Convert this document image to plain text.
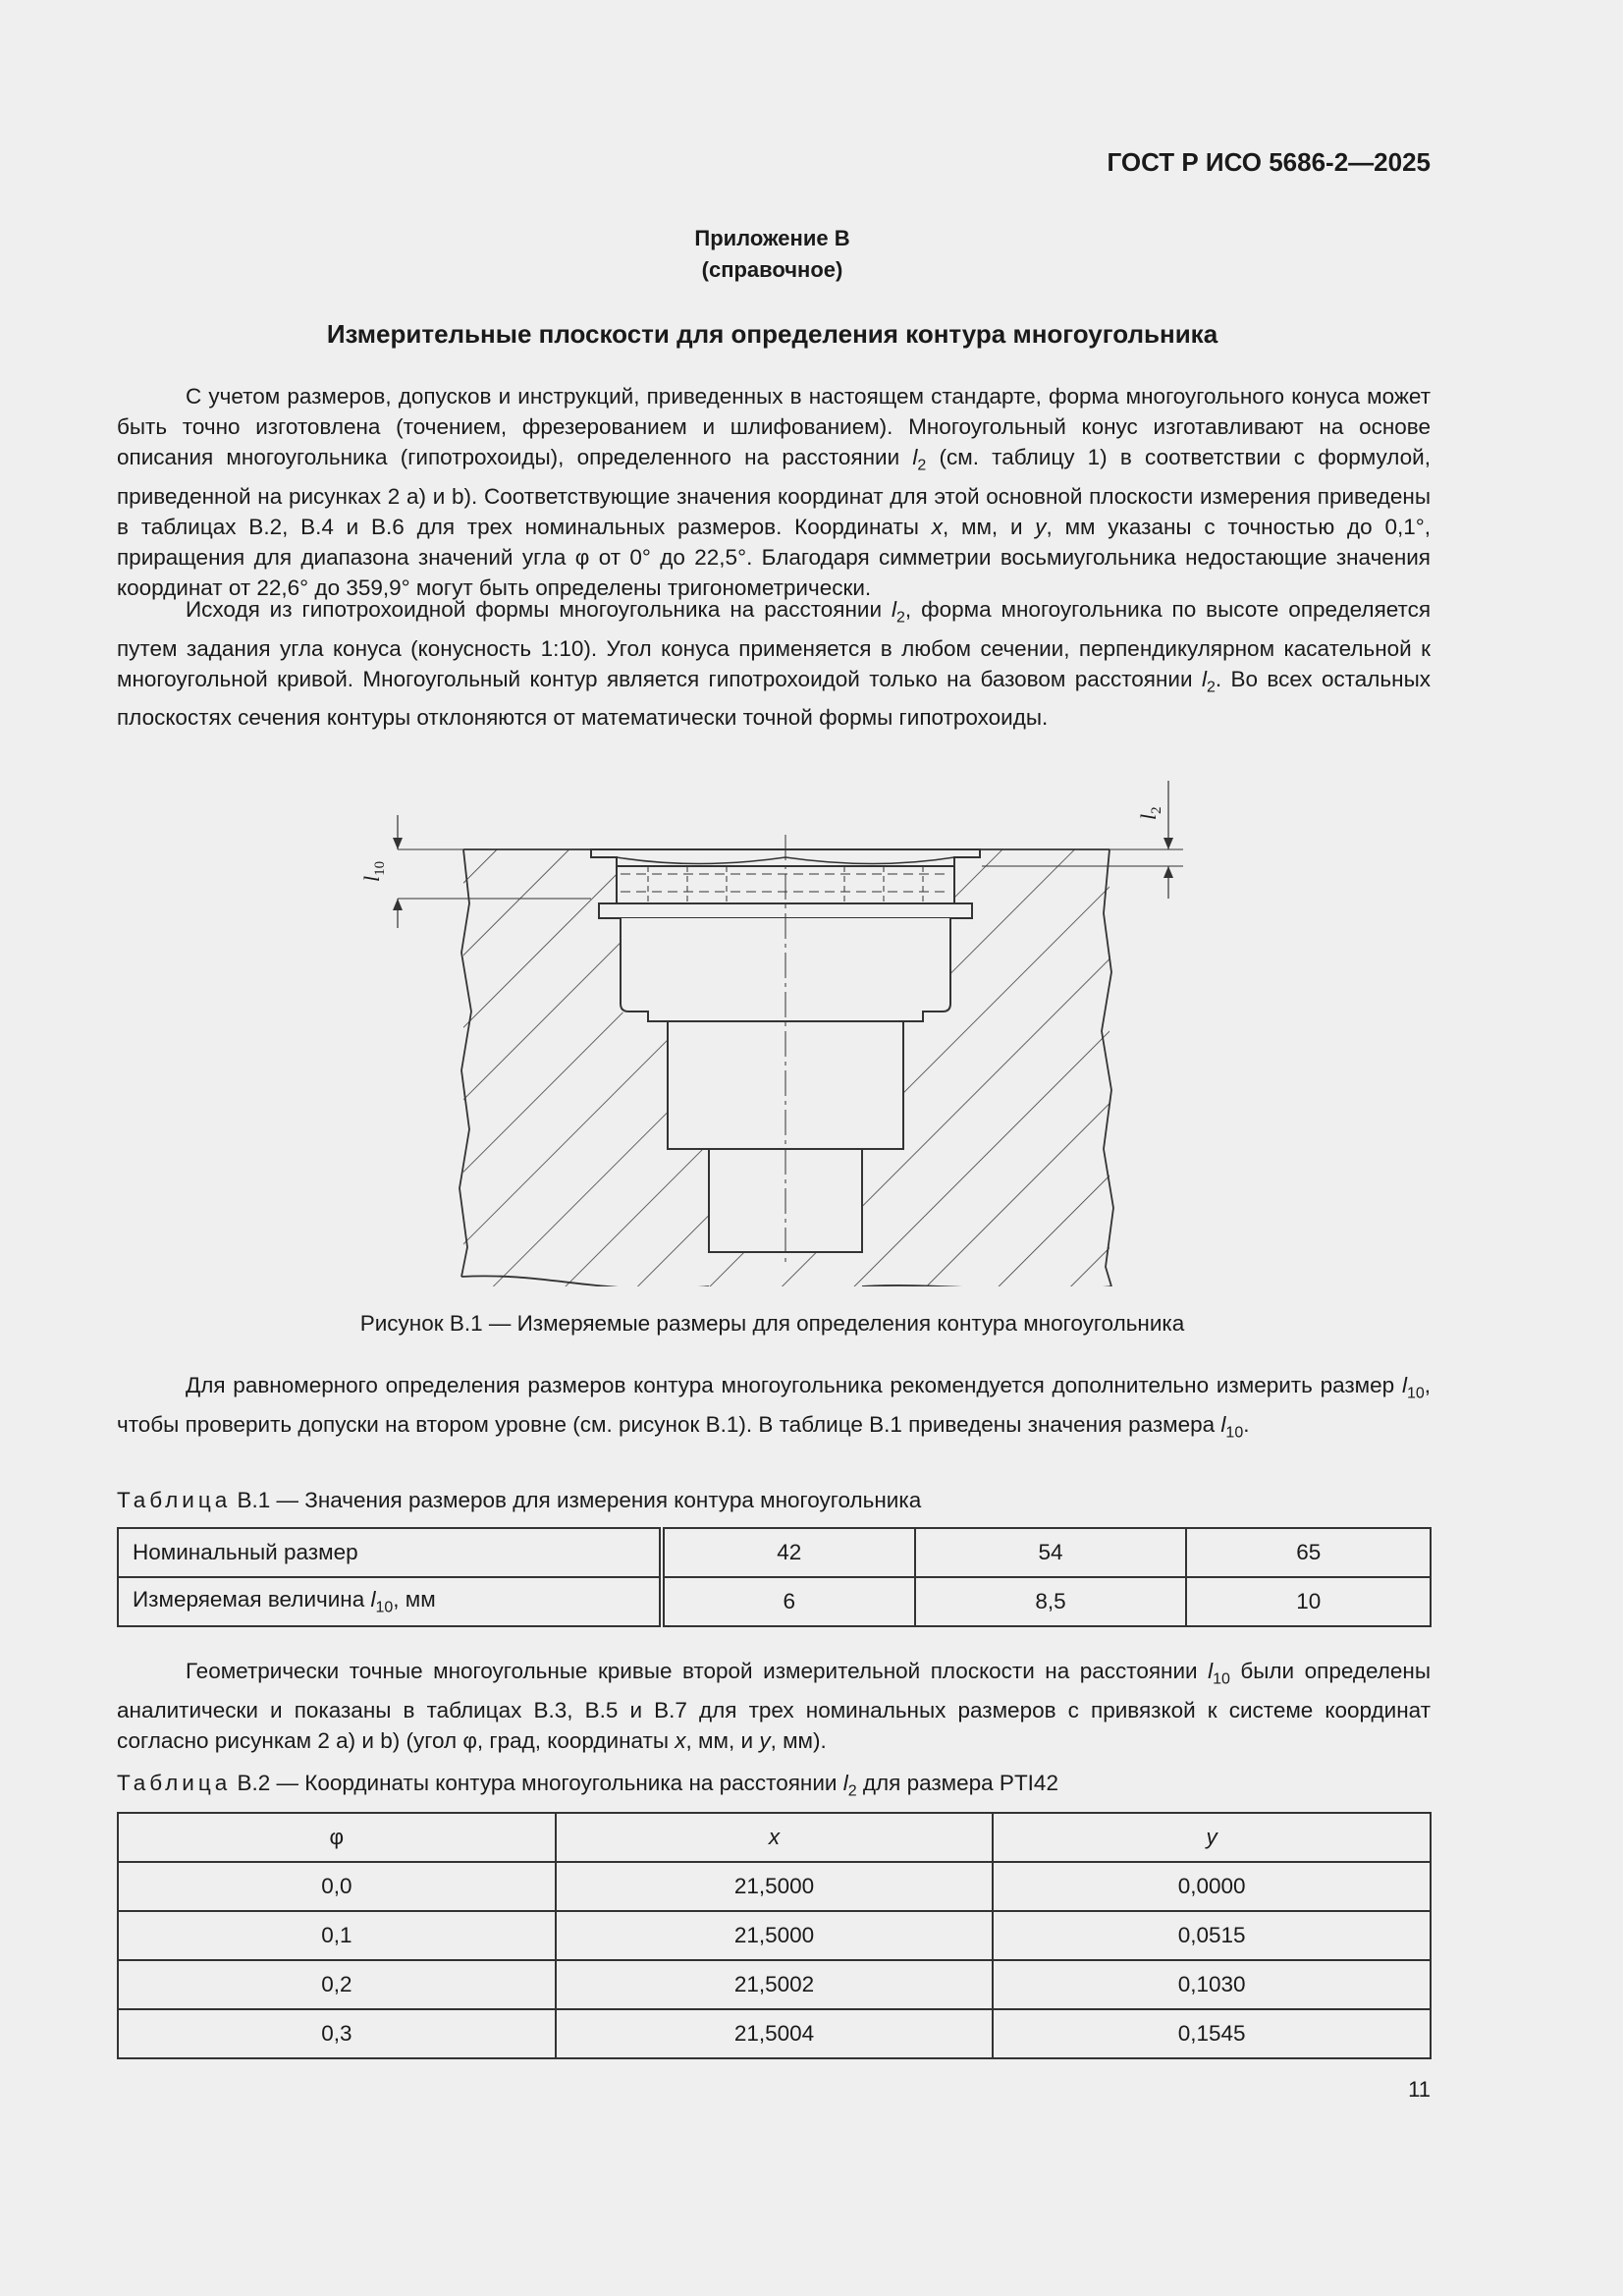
ГОСТ Р ИСО 5686-2—2025
Приложение В
(справочное)
Измерительные плоскости для определения контура многоугольника

С учетом размеров, допусков и инструкций, приведенных в настоящем стандарте, форма многоугольного конуса может быть точно изготовлена (точением, фрезерованием и шлифованием). Многоугольный конус изготавливают на основе описания многоугольника (гипотрохоиды), определенного на расстоянии $l_2$ (см. таблицу 1) в соответствии с формулой, приведенной на рисунках 2 а) и b). Соответствующие значения координат для этой основной плоскости измерения приведены в таблицах В.2, В.4 и В.6 для трех номинальных размеров. Координаты x, мм, и y, мм указаны с точностью до 0,1°, приращения для диапазона значений угла φ от 0° до 22,5°. Благодаря симметрии восьмиугольника недостающие значения координат от 22,6° до 359,9° могут быть определены тригонометрически.

Исходя из гипотрохоидной формы многоугольника на расстоянии $l_2$, форма многоугольника по высоте определяется путем задания угла конуса (конусность 1:10). Угол конуса применяется в любом сечении, перпендикулярном касательной к многоугольной кривой. Многоугольный контур является гипотрохоидой только на базовом расстоянии $l_2$. Во всех остальных плоскостях сечения контуры отклоняются от математически точной формы гипотрохоиды.

$l_{10}$
$l_2$
Рисунок В.1 — Измеряемые размеры для определения контура многоугольника

Для равномерного определения размеров контура многоугольника рекомендуется дополнительно измерить размер $l_{10}$, чтобы проверить допуски на втором уровне (см. рисунок В.1). В таблице В.1 приведены значения размера $l_{10}$.

Таблица В.1 — Значения размеров для измерения контура многоугольника
Номинальный размер	42	54	65
Измеряемая величина $l_{10}$, мм	6	8,5	10

Геометрически точные многоугольные кривые второй измерительной плоскости на расстоянии $l_{10}$ были определены аналитически и показаны в таблицах В.3, В.5 и В.7 для трех номинальных размеров с привязкой к системе координат согласно рисункам 2 а) и b) (угол φ, град, координаты x, мм, и y, мм).

Таблица В.2 — Координаты контура многоугольника на расстоянии $l_2$ для размера PTI42
φ	x	y
0,0	21,5000	0,0000
0,1	21,5000	0,0515
0,2	21,5002	0,1030
0,3	21,5004	0,1545
11
